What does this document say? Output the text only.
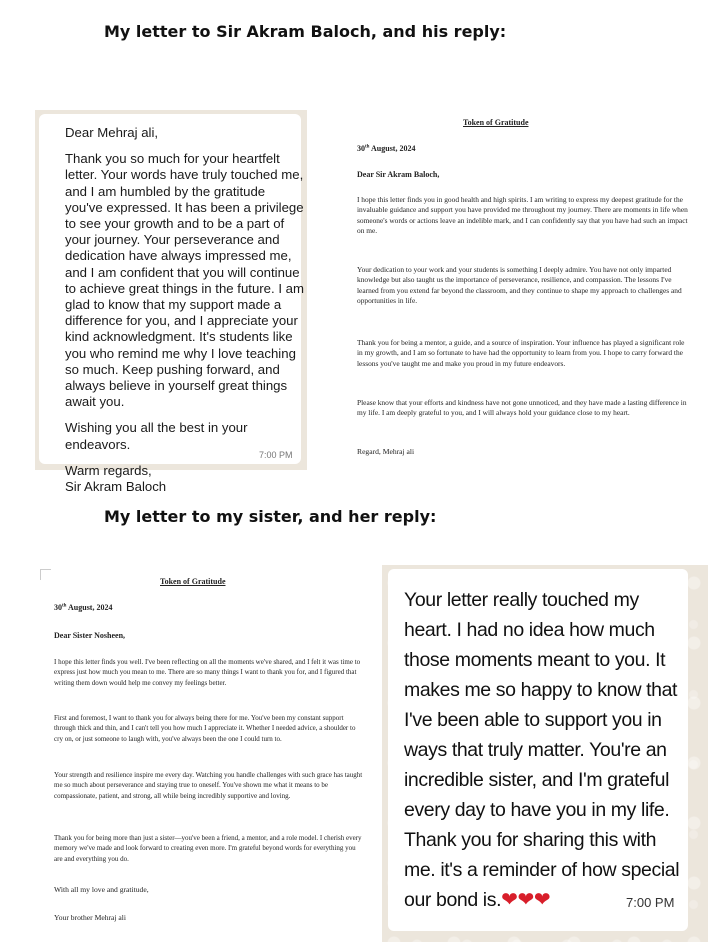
My letter to Sir Akram Baloch, and his reply:

Dear Mehraj ali,

Thank you so much for your heartfelt letter. Your words have truly touched me, and I am humbled by the gratitude you've expressed. It has been a privilege to see your growth and to be a part of your journey. Your perseverance and dedication have always impressed me, and I am confident that you will continue to achieve great things in the future. I am glad to know that my support made a difference for you, and I appreciate your kind acknowledgment. It's students like you who remind me why I love teaching so much. Keep pushing forward, and always believe in yourself great things await you.

Wishing you all the best in your endeavors.

Warm regards,
Sir Akram Baloch
7:00 PM
Token of Gratitude
30th August, 2024
Dear Sir Akram Baloch,

I hope this letter finds you in good health and high spirits. I am writing to express my deepest gratitude for the invaluable guidance and support you have provided me throughout my journey. There are moments in life when someone's words or actions leave an indelible mark, and I can confidently say that you have had such an impact on me.

Your dedication to your work and your students is something I deeply admire. You have not only imparted knowledge but also taught us the importance of perseverance, resilience, and compassion. The lessons I've learned from you extend far beyond the classroom, and they continue to shape my approach to challenges and opportunities in life.

Thank you for being a mentor, a guide, and a source of inspiration. Your influence has played a significant role in my growth, and I am so fortunate to have had the opportunity to learn from you. I hope to carry forward the lessons you've taught me and make you proud in my future endeavors.

Please know that your efforts and kindness have not gone unnoticed, and they have made a lasting difference in my life. I am deeply grateful to you, and I will always hold your guidance close to my heart.

Regard, Mehraj ali
My letter to my sister, and her reply:
Token of Gratitude
30th August, 2024
Dear Sister Nosheen,

I hope this letter finds you well. I've been reflecting on all the moments we've shared, and I felt it was time to express just how much you mean to me. There are so many things I want to thank you for, and I figured that writing them down would help me convey my feelings better.

First and foremost, I want to thank you for always being there for me. You've been my constant support through thick and thin, and I can't tell you how much I appreciate it. Whether I needed advice, a shoulder to cry on, or just someone to laugh with, you've always been the one I could turn to.

Your strength and resilience inspire me every day. Watching you handle challenges with such grace has taught me so much about perseverance and staying true to oneself. You've shown me what it means to be compassionate, patient, and strong, all while being incredibly supportive and loving.

Thank you for being more than just a sister—you've been a friend, a mentor, and a role model. I cherish every memory we've made and look forward to creating even more. I'm grateful beyond words for everything you are and everything you do.

With all my love and gratitude,
Your brother Mehraj ali
Your letter really touched my heart. I had no idea how much those moments meant to you. It makes me so happy to know that I've been able to support you in ways that truly matter. You're an incredible sister, and I'm grateful every day to have you in my life. Thank you for sharing this with me. it's a reminder of how special our bond is.❤❤❤	7:00 PM
